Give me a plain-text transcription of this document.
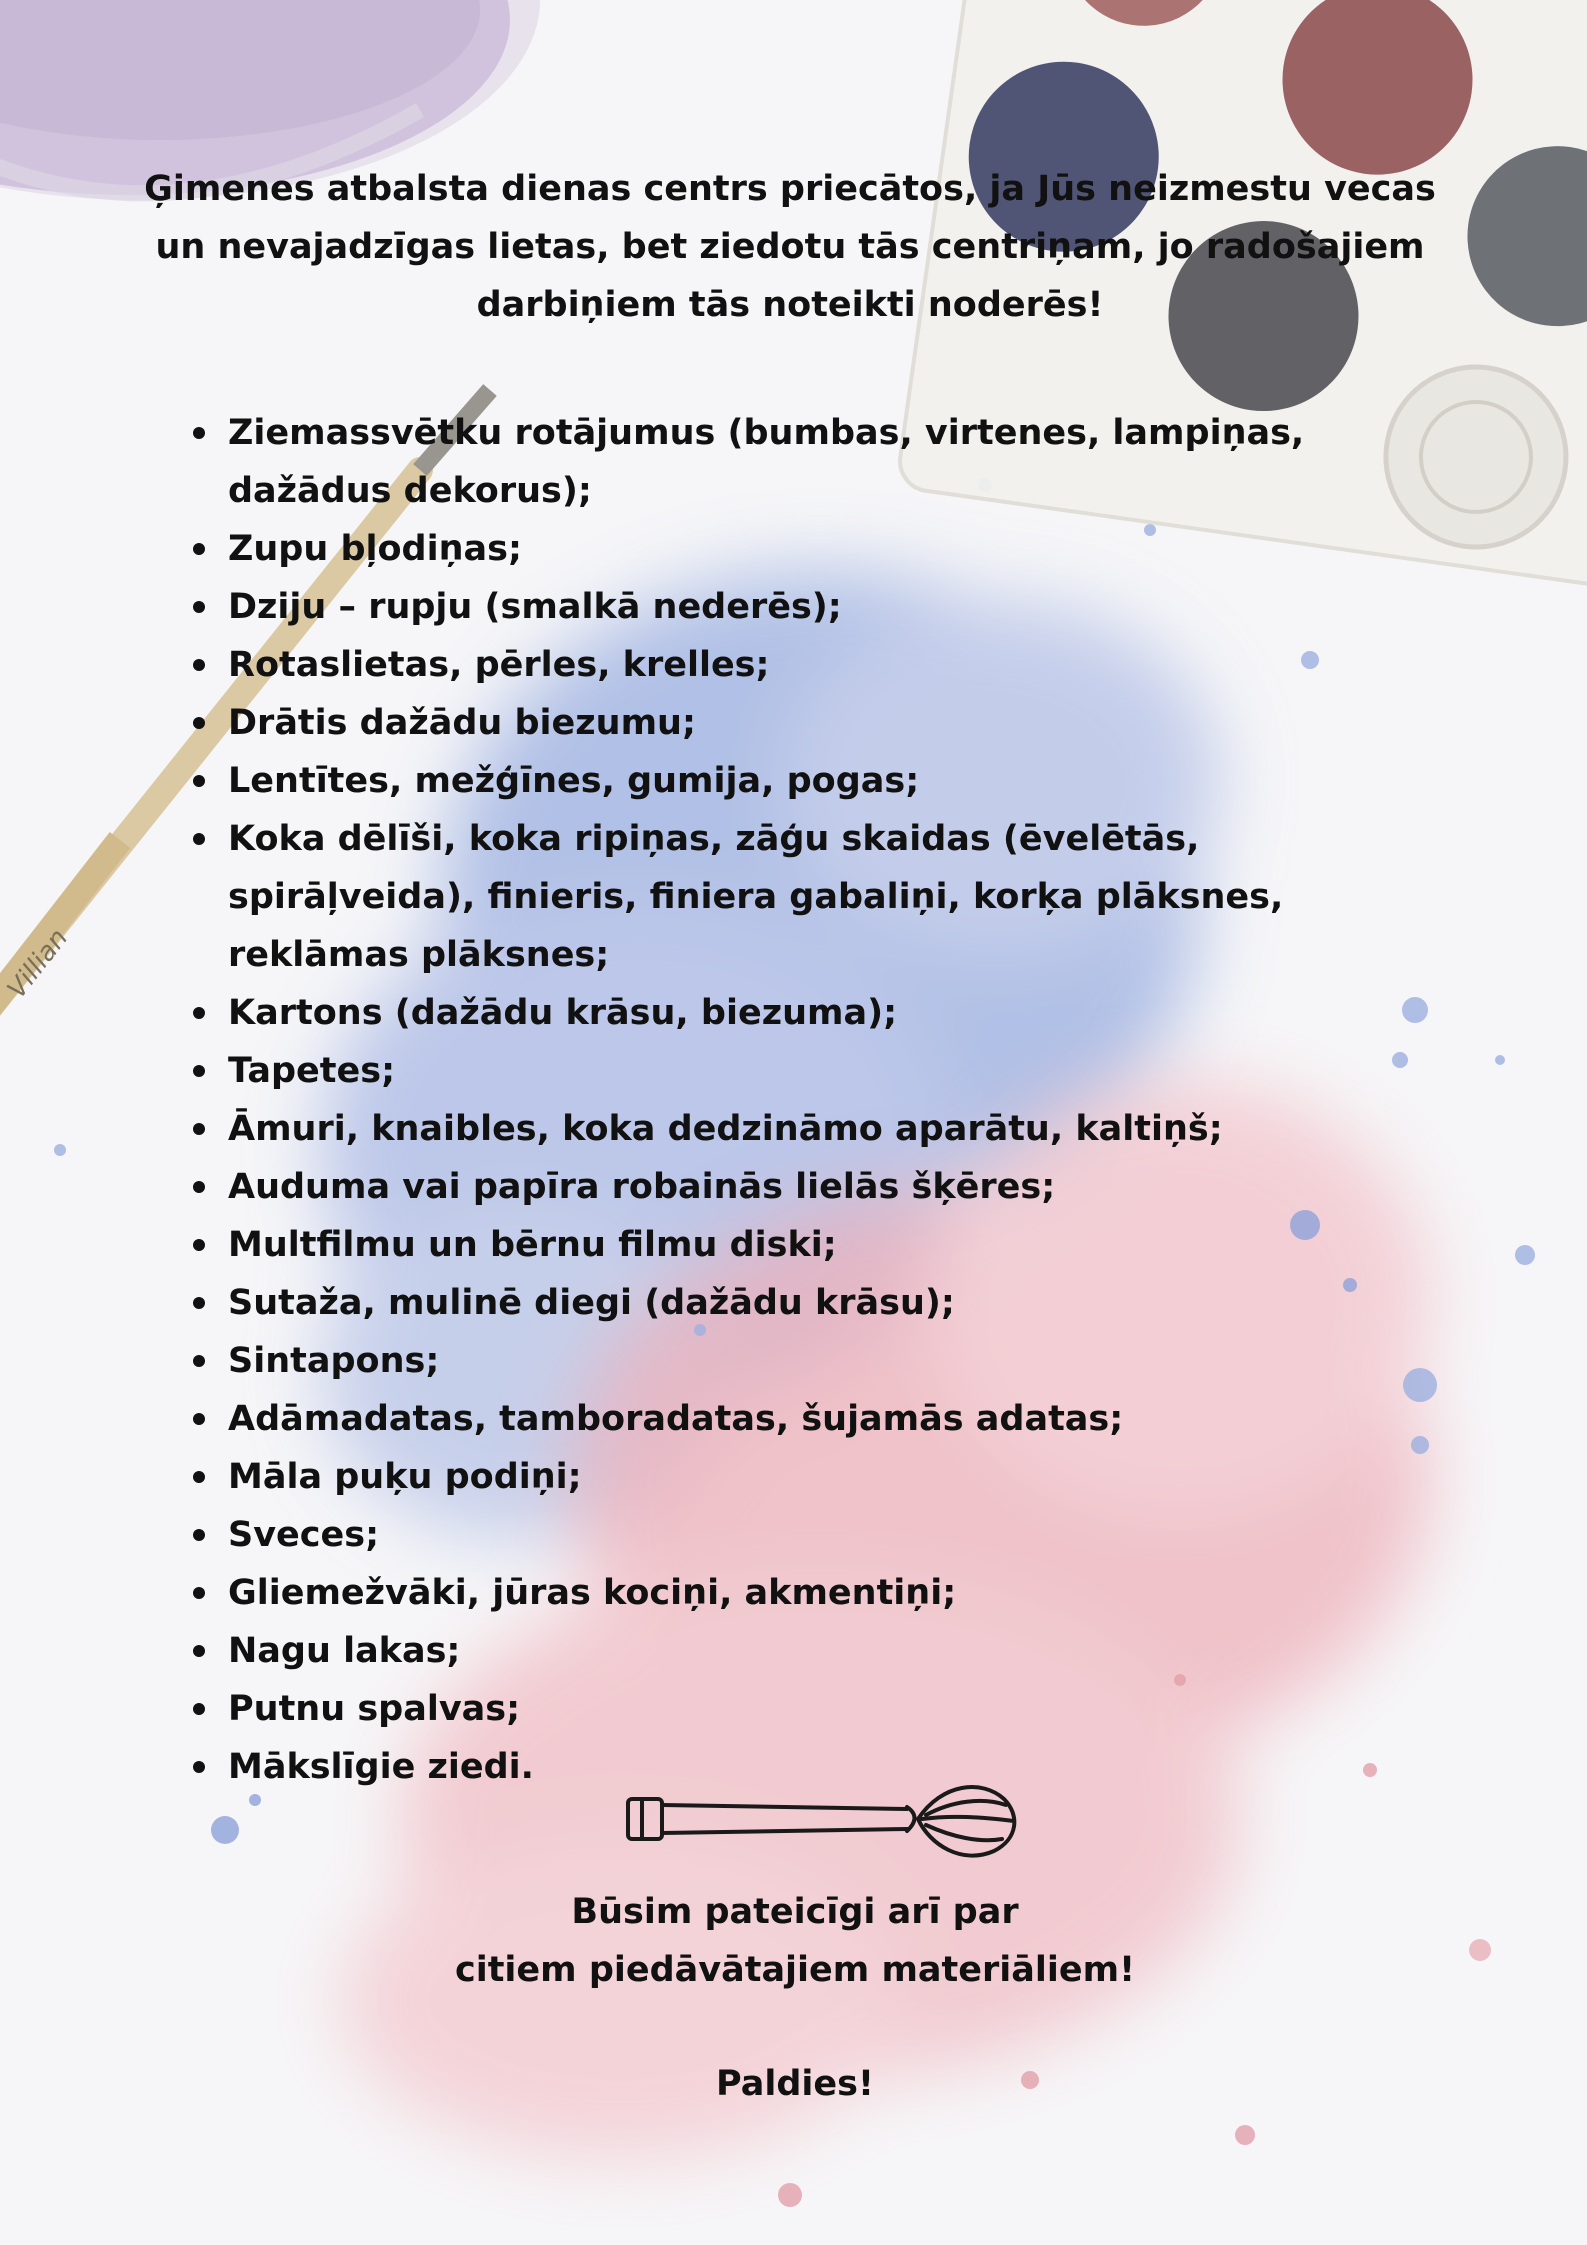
Villian

Ģimenes atbalsta dienas centrs priecātos, ja Jūs neizmestu vecas un nevajadzīgas lietas, bet ziedotu tās centriņam, jo radošajiem darbiņiem tās noteikti noderēs!

Ziemassvētku rotājumus (bumbas, virtenes, lampiņas, dažādus dekorus);
Zupu bļodiņas;
Dziju – rupju (smalkā nederēs);
Rotaslietas, pērles, krelles;
Drātis dažādu biezumu;
Lentītes, mežģīnes, gumija, pogas;
Koka dēlīši, koka ripiņas, zāģu skaidas (ēvelētās, spirāļveida), finieris, finiera gabaliņi, korķa plāksnes, reklāmas plāksnes;
Kartons (dažādu krāsu, biezuma);
Tapetes;
Āmuri, knaibles, koka dedzināmo aparātu, kaltiņš;
Auduma vai papīra robainās lielās šķēres;
Multfilmu un bērnu filmu diski;
Sutaža, mulinē diegi (dažādu krāsu);
Sintapons;
Adāmadatas, tamboradatas, šujamās adatas;
Māla puķu podiņi;
Sveces;
Gliemežvāki, jūras kociņi, akmentiņi;
Nagu lakas;
Putnu spalvas;
Mākslīgie ziedi.

Būsim pateicīgi arī par

citiem piedāvātajiem materiāliem!

Paldies!
